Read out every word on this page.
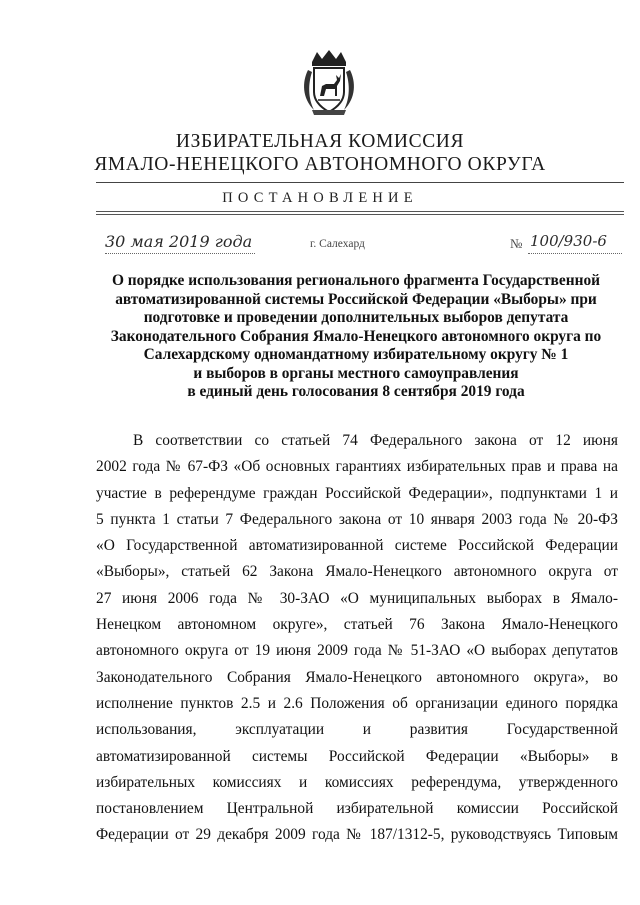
ИЗБИРАТЕЛЬНАЯ КОМИССИЯ
ЯМАЛО-НЕНЕЦКОГО АВТОНОМНОГО ОКРУГА
ПОСТАНОВЛЕНИЕ
30 мая 2019 года	г. Салехард	№ 100/930-6
О порядке использования регионального фрагмента Государственной
автоматизированной системы Российской Федерации «Выборы» при
подготовке и проведении дополнительных выборов депутата
Законодательного Собрания Ямало-Ненецкого автономного округа по
Салехардскому одномандатному избирательному округу № 1
и выборов в органы местного самоуправления
в единый день голосования 8 сентября 2019 года
В соответствии со статьей 74 Федерального закона от 12 июня
2002 года № 67-ФЗ «Об основных гарантиях избирательных прав и права на
участие в референдуме граждан Российской Федерации», подпунктами 1 и
5 пункта 1 статьи 7 Федерального закона от 10 января 2003 года № 20-ФЗ
«О Государственной автоматизированной системе Российской Федерации
«Выборы», статьей 62 Закона Ямало-Ненецкого автономного округа от
27 июня 2006 года № 30-ЗАО «О муниципальных выборах в Ямало-
Ненецком автономном округе», статьей 76 Закона Ямало-Ненецкого
автономного округа от 19 июня 2009 года № 51-ЗАО «О выборах депутатов
Законодательного Собрания Ямало-Ненецкого автономного округа», во
исполнение пунктов 2.5 и 2.6 Положения об организации единого порядка
использования, эксплуатации и развития Государственной
автоматизированной системы Российской Федерации «Выборы» в
избирательных комиссиях и комиссиях референдума, утвержденного
постановлением Центральной избирательной комиссии Российской
Федерации от 29 декабря 2009 года № 187/1312-5, руководствуясь Типовым
